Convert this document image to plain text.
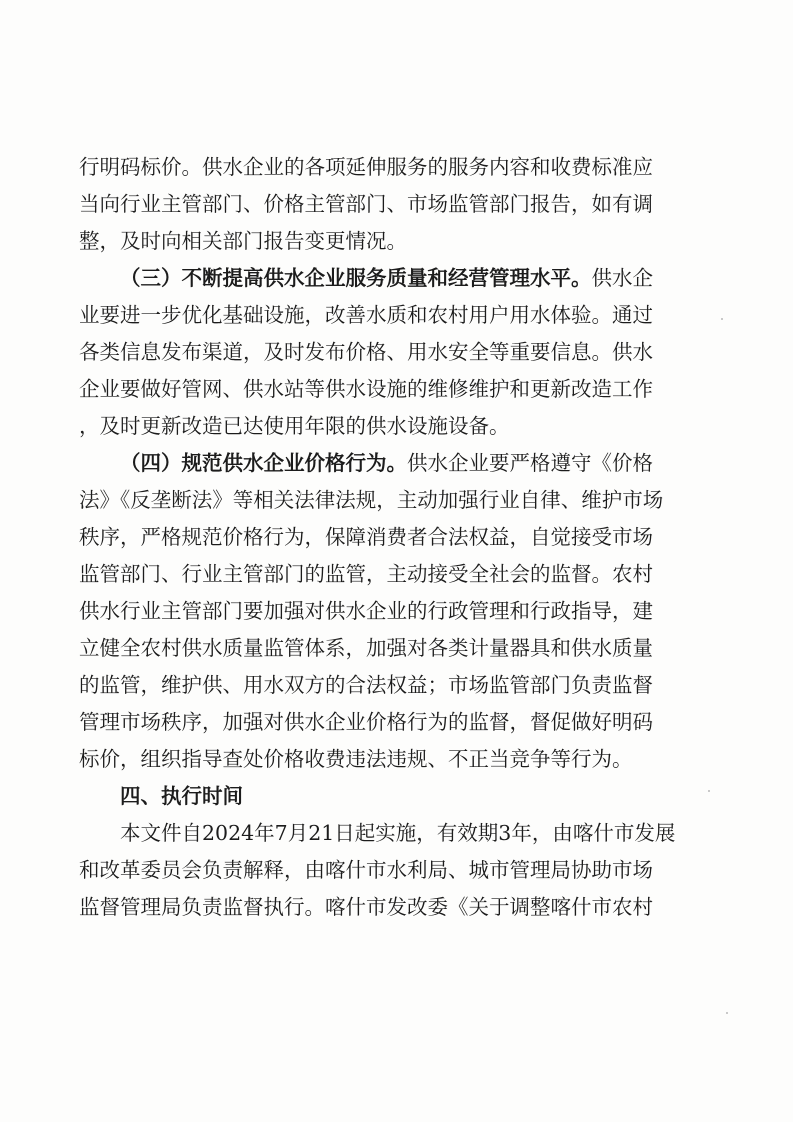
行明码标价。供水企业的各项延伸服务的服务内容和收费标准应
当向行业主管部门、价格主管部门、市场监管部门报告，如有调
整，及时向相关部门报告变更情况。
（三）不断提高供水企业服务质量和经营管理水平。供水企
业要进一步优化基础设施，改善水质和农村用户用水体验。通过
各类信息发布渠道，及时发布价格、用水安全等重要信息。供水
企业要做好管网、供水站等供水设施的维修维护和更新改造工作
，及时更新改造已达使用年限的供水设施设备。
（四）规范供水企业价格行为。供水企业要严格遵守《价格
法》《反垄断法》等相关法律法规，主动加强行业自律、维护市场
秩序，严格规范价格行为，保障消费者合法权益，自觉接受市场
监管部门、行业主管部门的监管，主动接受全社会的监督。农村
供水行业主管部门要加强对供水企业的行政管理和行政指导，建
立健全农村供水质量监管体系，加强对各类计量器具和供水质量
的监管，维护供、用水双方的合法权益；市场监管部门负责监督
管理市场秩序，加强对供水企业价格行为的监督，督促做好明码
标价，组织指导查处价格收费违法违规、不正当竞争等行为。
四、执行时间
本文件自2024年7月21日起实施，有效期3年，由喀什市发展
和改革委员会负责解释，由喀什市水利局、城市管理局协助市场
监督管理局负责监督执行。喀什市发改委《关于调整喀什市农村
